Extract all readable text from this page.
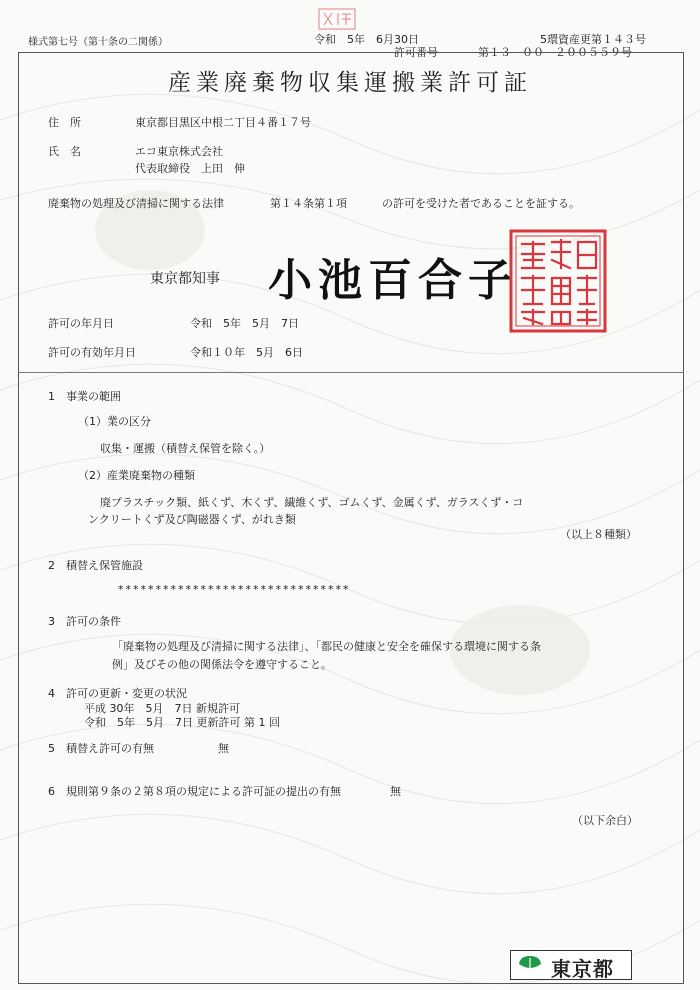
様式第七号（第十条の二関係）	令和　5年　6月30日	5環資産更第１４３号
許可番号	第１３－００－２００５５９号
産業廃棄物収集運搬業許可証
住　所	東京都目黒区中根二丁目４番１７号
氏　名	エコ東京株式会社
代表取締役　上田　伸
廃棄物の処理及び清掃に関する法律	第１４条第１項	の許可を受けた者であることを証する。
東京都知事 小池百合子
許可の年月日	令和　5年　5月　7日
許可の有効年月日	令和１０年　5月　6日
1　事業の範囲
（1）業の区分
収集・運搬（積替え保管を除く。）
（2）産業廃棄物の種類
廃プラスチック類、紙くず、木くず、繊維くず、ゴムくず、金属くず、ガラスくず・コ
ンクリートくず及び陶磁器くず、がれき類
（以上８種類）
2　積替え保管施設
*******************************
3　許可の条件
「廃棄物の処理及び清掃に関する法律」、「都民の健康と安全を確保する環境に関する条
例」及びその他の関係法令を遵守すること。
4　許可の更新・変更の状況
平成 30年　5月　7日 新規許可
令和　5年　5月　7日 更新許可 第 1 回
5　積替え許可の有無	無
6　規則第９条の２第８項の規定による許可証の提出の有無	無
（以下余白）
東京都
